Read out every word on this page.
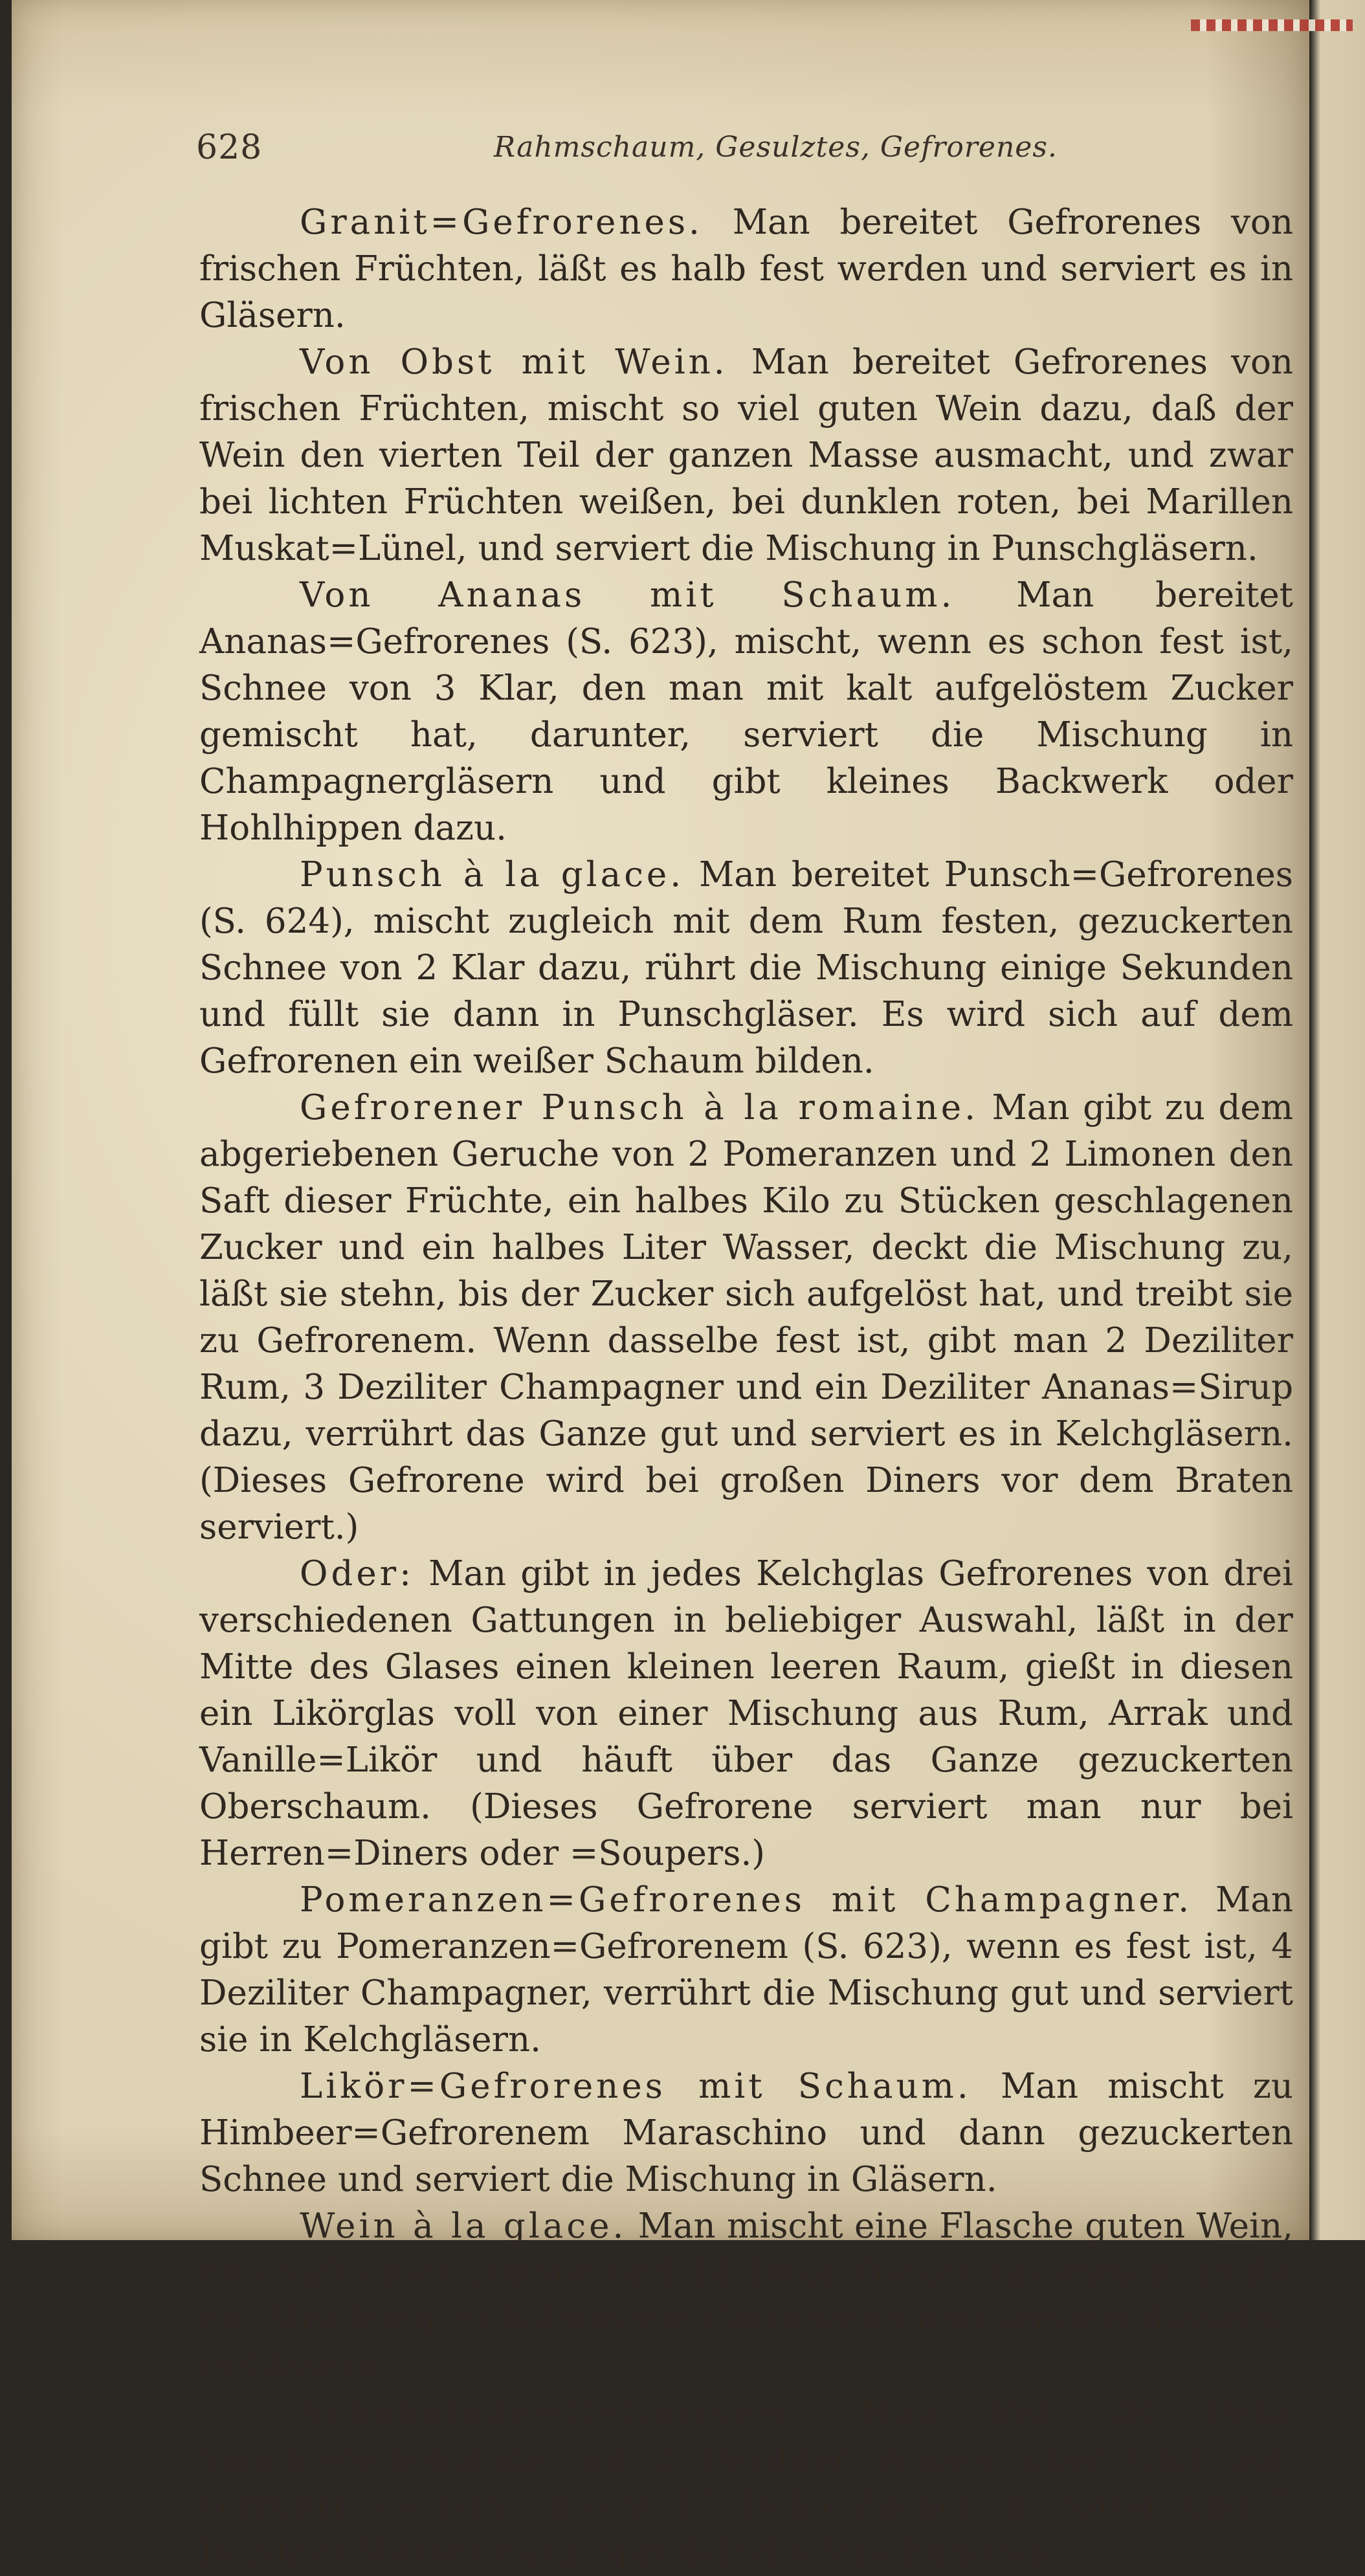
628	Rahmschaum, Gesulztes, Gefrorenes.

Granit=Gefrorenes. Man bereitet Gefrorenes von frischen Früchten, läßt es halb fest werden und serviert es in Gläsern.

Von Obst mit Wein. Man bereitet Gefrorenes von frischen Früchten, mischt so viel guten Wein dazu, daß der Wein den vierten Teil der ganzen Masse ausmacht, und zwar bei lichten Früchten weißen, bei dunklen roten, bei Marillen Muskat=Lünel, und serviert die Mischung in Punschgläsern.

Von Ananas mit Schaum. Man bereitet Ananas=Gefrorenes (S. 623), mischt, wenn es schon fest ist, Schnee von 3 Klar, den man mit kalt aufgelöstem Zucker gemischt hat, darunter, serviert die Mischung in Champagnergläsern und gibt kleines Backwerk oder Hohlhippen dazu.

Punsch à la glace. Man bereitet Punsch=Gefrorenes (S. 624), mischt zugleich mit dem Rum festen, gezuckerten Schnee von 2 Klar dazu, rührt die Mischung einige Sekunden und füllt sie dann in Punschgläser. Es wird sich auf dem Gefrorenen ein weißer Schaum bilden.

Gefrorener Punsch à la romaine. Man gibt zu dem abgeriebenen Geruche von 2 Pomeranzen und 2 Limonen den Saft dieser Früchte, ein halbes Kilo zu Stücken geschlagenen Zucker und ein halbes Liter Wasser, deckt die Mischung zu, läßt sie stehn, bis der Zucker sich aufgelöst hat, und treibt sie zu Gefrorenem. Wenn dasselbe fest ist, gibt man 2 Deziliter Rum, 3 Deziliter Champagner und ein Deziliter Ananas=Sirup dazu, verrührt das Ganze gut und serviert es in Kelchgläsern. (Dieses Gefrorene wird bei großen Diners vor dem Braten serviert.)

Oder: Man gibt in jedes Kelchglas Gefrorenes von drei verschiedenen Gattungen in beliebiger Auswahl, läßt in der Mitte des Glases einen kleinen leeren Raum, gießt in diesen ein Likörglas voll von einer Mischung aus Rum, Arrak und Vanille=Likör und häuft über das Ganze gezuckerten Oberschaum. (Dieses Gefrorene serviert man nur bei Herren=Diners oder =Soupers.)

Pomeranzen=Gefrorenes mit Champagner. Man gibt zu Pomeranzen=Gefrorenem (S. 623), wenn es fest ist, 4 Deziliter Champagner, verrührt die Mischung gut und serviert sie in Kelchgläsern.

Likör=Gefrorenes mit Schaum. Man mischt zu Himbeer=Gefrorenem Maraschino und dann gezuckerten Schnee und serviert die Mischung in Gläsern.

Wein à la glace. Man mischt eine Flasche guten Wein, den Saft einer Limone und 14 Deka Zucker zusammen, treibt die Mischung zu halbfestem Gefrorenen und serviert dasselbe in Gläsern.

Schokolade=Gefrorenes. Man löst 28 Deka Vanille=Schokolade mit 2 Deziliter Wasser über Glut auf, verrührt sie fein, mischt 17 Deka Zucker, 8 Dotter und 7 Deziliter Wasser dazu, sprudelt die Mischung wie
